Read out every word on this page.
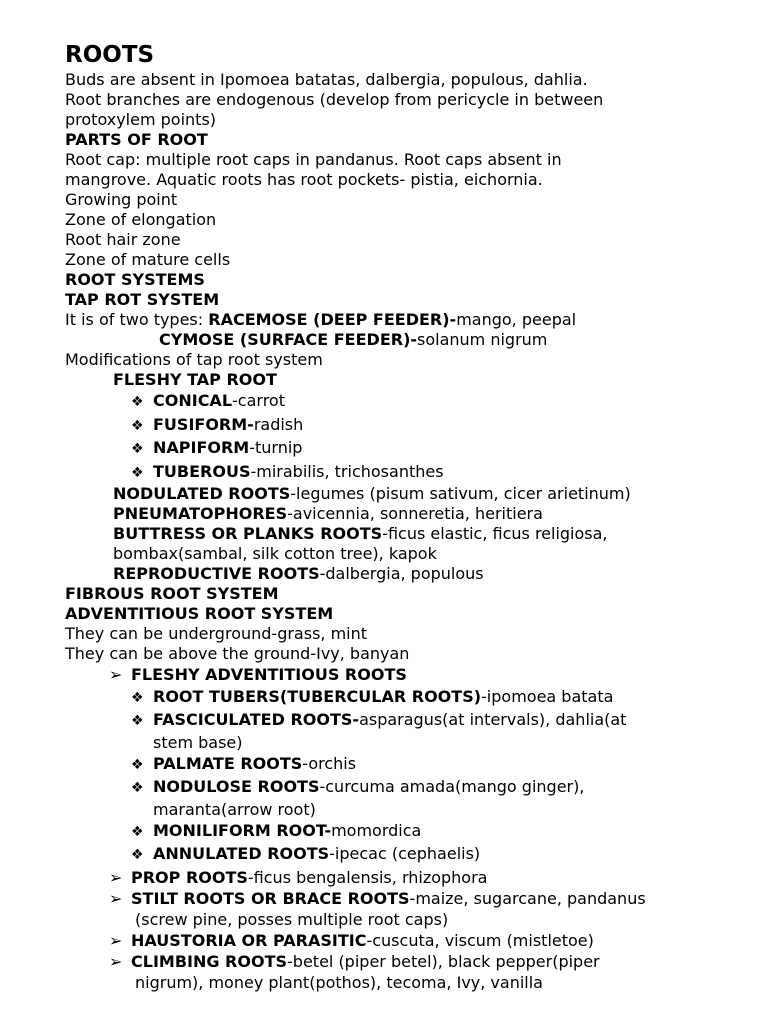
ROOTS
Buds are absent in Ipomoea batatas, dalbergia, populous, dahlia.
Root branches are endogenous (develop from pericycle in between
protoxylem points)
PARTS OF ROOT
Root cap: multiple root caps in pandanus. Root caps absent in
mangrove. Aquatic roots has root pockets- pistia, eichornia.
Growing point
Zone of elongation
Root hair zone
Zone of mature cells
ROOT SYSTEMS
TAP ROT SYSTEM
It is of two types: RACEMOSE (DEEP FEEDER)-mango, peepal
CYMOSE (SURFACE FEEDER)-solanum nigrum
Modifications of tap root system
FLESHY TAP ROOT
❖ CONICAL-carrot
❖ FUSIFORM-radish
❖ NAPIFORM-turnip
❖ TUBEROUS-mirabilis, trichosanthes
NODULATED ROOTS-legumes (pisum sativum, cicer arietinum)
PNEUMATOPHORES-avicennia, sonneretia, heritiera
BUTTRESS OR PLANKS ROOTS-ficus elastic, ficus religiosa,
bombax(sambal, silk cotton tree), kapok
REPRODUCTIVE ROOTS-dalbergia, populous
FIBROUS ROOT SYSTEM
ADVENTITIOUS ROOT SYSTEM
They can be underground-grass, mint
They can be above the ground-Ivy, banyan
➢ FLESHY ADVENTITIOUS ROOTS
❖ ROOT TUBERS(TUBERCULAR ROOTS)-ipomoea batata
❖ FASCICULATED ROOTS-asparagus(at intervals), dahlia(at
stem base)
❖ PALMATE ROOTS-orchis
❖ NODULOSE ROOTS-curcuma amada(mango ginger),
maranta(arrow root)
❖ MONILIFORM ROOT-momordica
❖ ANNULATED ROOTS-ipecac (cephaelis)
➢ PROP ROOTS-ficus bengalensis, rhizophora
➢ STILT ROOTS OR BRACE ROOTS-maize, sugarcane, pandanus
(screw pine, posses multiple root caps)
➢ HAUSTORIA OR PARASITIC-cuscuta, viscum (mistletoe)
➢ CLIMBING ROOTS-betel (piper betel), black pepper(piper
nigrum), money plant(pothos), tecoma, Ivy, vanilla
